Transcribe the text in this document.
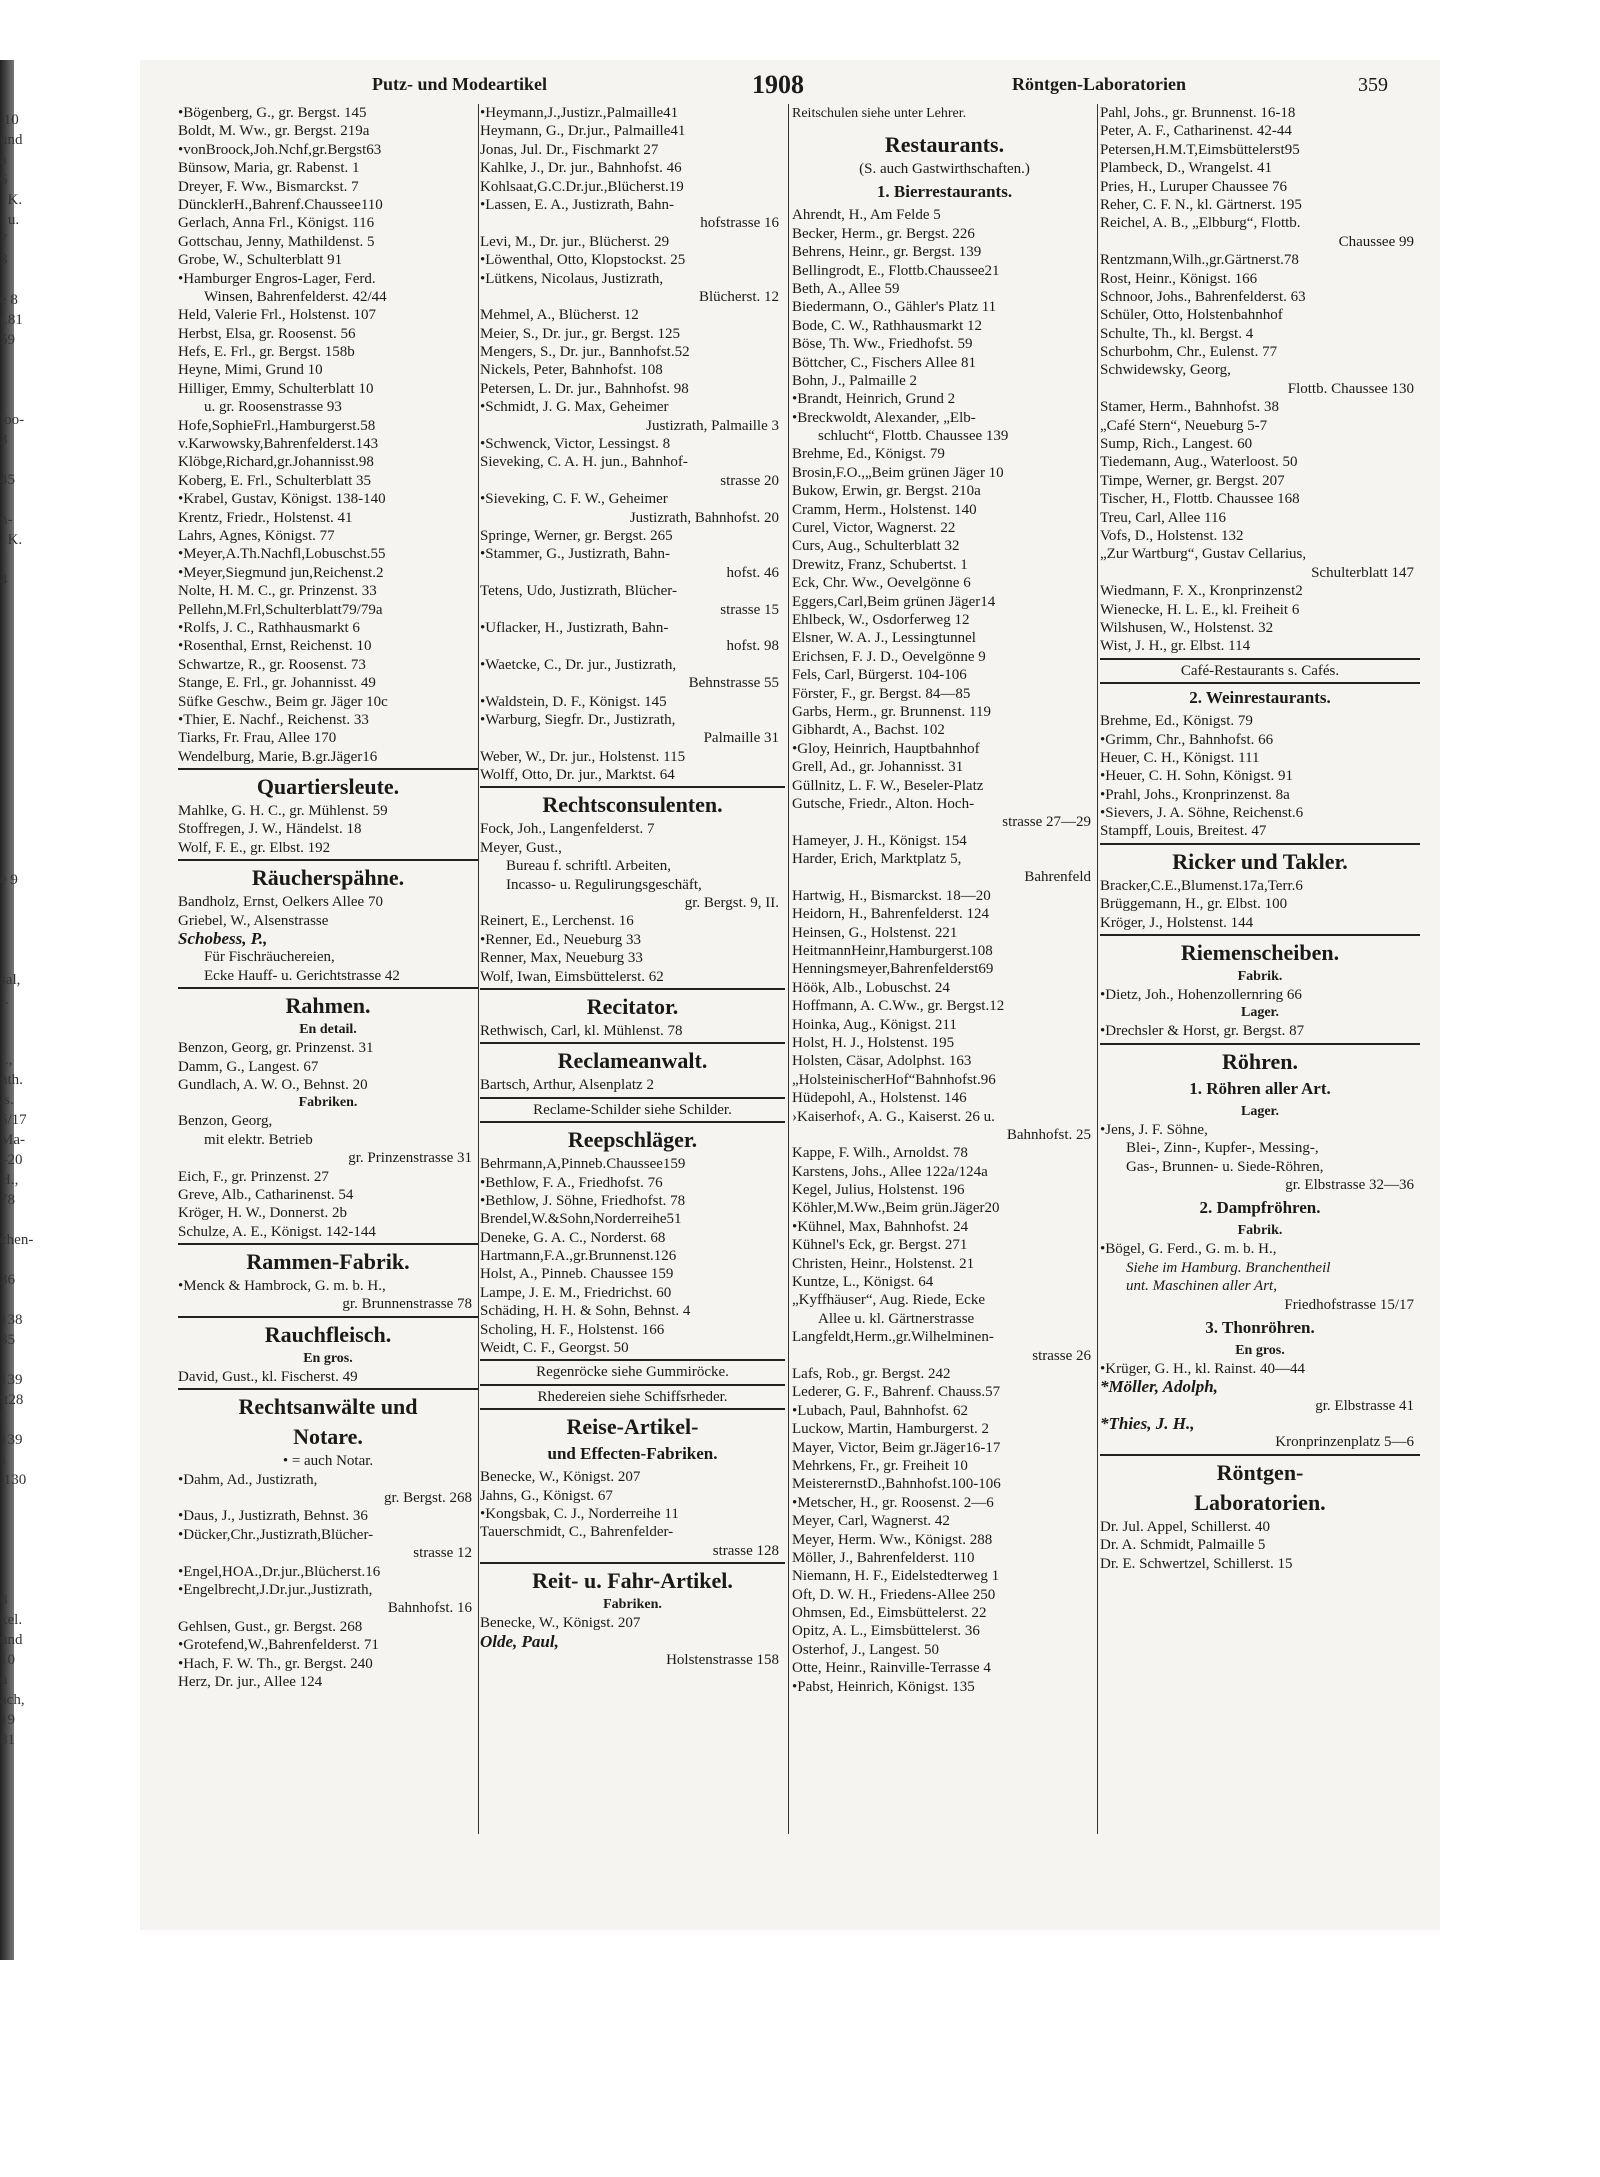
.10
und
a
6
, K.
l u.
7
3
e 8
t.81
59
loo-
3
45
n-
, K.
4
e 9
sal,
I.
I.,
nth.
/s.
5/17
Ma-
–20
H.,
78
chen-
36
138
35
139
tt28
l
139
1
.130
8
kel.
und
10
u
ach,
19
81
Putz- und Modeartikel	1908	Röntgen-Laboratorien	359
Reitschulen siehe unter Lehrer.
•Bögenberg, G., gr. Bergst. 145
Boldt, M. Ww., gr. Bergst. 219a
•vonBroock,Joh.Nchf,gr.Bergst63
Bünsow, Maria, gr. Rabenst. 1
Dreyer, F. Ww., Bismarckst. 7
DüncklerH.,Bahrenf.Chaussee110
Gerlach, Anna Frl., Königst. 116
Gottschau, Jenny, Mathildenst. 5
Grobe, W., Schulterblatt 91
•Hamburger Engros-Lager, Ferd.
Winsen, Bahrenfelderst. 42/44
Held, Valerie Frl., Holstenst. 107
Herbst, Elsa, gr. Roosenst. 56
Hefs, E. Frl., gr. Bergst. 158b
Heyne, Mimi, Grund 10
Hilliger, Emmy, Schulterblatt 10
u. gr. Roosenstrasse 93
Hofe,SophieFrl.,Hamburgerst.58
v.Karwowsky,Bahrenfelderst.143
Klöbge,Richard,gr.Johannisst.98
Koberg, E. Frl., Schulterblatt 35
•Krabel, Gustav, Königst. 138-140
Krentz, Friedr., Holstenst. 41
Lahrs, Agnes, Königst. 77
•Meyer,A.Th.Nachfl,Lobuschst.55
•Meyer,Siegmund jun,Reichenst.2
Nolte, H. M. C., gr. Prinzenst. 33
Pellehn,M.Frl,Schulterblatt79/79a
•Rolfs, J. C., Rathhausmarkt 6
•Rosenthal, Ernst, Reichenst. 10
Schwartze, R., gr. Roosenst. 73
Stange, E. Frl., gr. Johannisst. 49
Süfke Geschw., Beim gr. Jäger 10c
•Thier, E. Nachf., Reichenst. 33
Tiarks, Fr. Frau, Allee 170
Wendelburg, Marie, B.gr.Jäger16
Quartiersleute.
Mahlke, G. H. C., gr. Mühlenst. 59
Stoffregen, J. W., Händelst. 18
Wolf, F. E., gr. Elbst. 192
Räucherspähne.
Bandholz, Ernst, Oelkers Allee 70
Griebel, W., Alsenstrasse
Schobess, P.,
Für Fischräuchereien,
Ecke Hauff- u. Gerichtstrasse 42
Rahmen.
En detail.
Benzon, Georg, gr. Prinzenst. 31
Damm, G., Langest. 67
Gundlach, A. W. O., Behnst. 20
Fabriken.
Benzon, Georg,
mit elektr. Betrieb
gr. Prinzenstrasse 31
Eich, F., gr. Prinzenst. 27
Greve, Alb., Catharinenst. 54
Kröger, H. W., Donnerst. 2b
Schulze, A. E., Königst. 142-144
Rammen-Fabrik.
•Menck & Hambrock, G. m. b. H.,
gr. Brunnenstrasse 78
Rauchfleisch.
En gros.
David, Gust., kl. Fischerst. 49
Rechtsanwälte und
Notare.
• = auch Notar.
•Dahm, Ad., Justizrath,
gr. Bergst. 268
•Daus, J., Justizrath, Behnst. 36
•Dücker,Chr.,Justizrath,Blücher-
strasse 12
•Engel,HOA.,Dr.jur.,Blücherst.16
•Engelbrecht,J.Dr.jur.,Justizrath,
Bahnhofst. 16
Gehlsen, Gust., gr. Bergst. 268
•Grotefend,W.,Bahrenfelderst. 71
•Hach, F. W. Th., gr. Bergst. 240
Herz, Dr. jur., Allee 124
•Heymann,J.,Justizr.,Palmaille41
Heymann, G., Dr.jur., Palmaille41
Jonas, Jul. Dr., Fischmarkt 27
Kahlke, J., Dr. jur., Bahnhofst. 46
Kohlsaat,G.C.Dr.jur.,Blücherst.19
•Lassen, E. A., Justizrath, Bahn-
hofstrasse 16
Levi, M., Dr. jur., Blücherst. 29
•Löwenthal, Otto, Klopstockst. 25
•Lütkens, Nicolaus, Justizrath,
Blücherst. 12
Mehmel, A., Blücherst. 12
Meier, S., Dr. jur., gr. Bergst. 125
Mengers, S., Dr. jur., Bannhofst.52
Nickels, Peter, Bahnhofst. 108
Petersen, L. Dr. jur., Bahnhofst. 98
•Schmidt, J. G. Max, Geheimer
Justizrath, Palmaille 3
•Schwenck, Victor, Lessingst. 8
Sieveking, C. A. H. jun., Bahnhof-
strasse 20
•Sieveking, C. F. W., Geheimer
Justizrath, Bahnhofst. 20
Springe, Werner, gr. Bergst. 265
•Stammer, G., Justizrath, Bahn-
hofst. 46
Tetens, Udo, Justizrath, Blücher-
strasse 15
•Uflacker, H., Justizrath, Bahn-
hofst. 98
•Waetcke, C., Dr. jur., Justizrath,
Behnstrasse 55
•Waldstein, D. F., Königst. 145
•Warburg, Siegfr. Dr., Justizrath,
Palmaille 31
Weber, W., Dr. jur., Holstenst. 115
Wolff, Otto, Dr. jur., Marktst. 64
Rechtsconsulenten.
Fock, Joh., Langenfelderst. 7
Meyer, Gust.,
Bureau f. schriftl. Arbeiten,
Incasso- u. Regulirungsgeschäft,
gr. Bergst. 9, II.
Reinert, E., Lerchenst. 16
•Renner, Ed., Neueburg 33
Renner, Max, Neueburg 33
Wolf, Iwan, Eimsbüttelerst. 62
Recitator.
Rethwisch, Carl, kl. Mühlenst. 78
Reclameanwalt.
Bartsch, Arthur, Alsenplatz 2
Reclame-Schilder siehe Schilder.
Reepschläger.
Behrmann,A,Pinneb.Chaussee159
•Bethlow, F. A., Friedhofst. 76
•Bethlow, J. Söhne, Friedhofst. 78
Brendel,W.&Sohn,Norderreihe51
Deneke, G. A. C., Norderst. 68
Hartmann,F.A.,gr.Brunnenst.126
Holst, A., Pinneb. Chaussee 159
Lampe, J. E. M., Friedrichst. 60
Schäding, H. H. & Sohn, Behnst. 4
Scholing, H. F., Holstenst. 166
Weidt, C. F., Georgst. 50
Regenröcke siehe Gummiröcke.
Rhedereien siehe Schiffsrheder.
Reise-Artikel-
und Effecten-Fabriken.
Benecke, W., Königst. 207
Jahns, G., Königst. 67
•Kongsbak, C. J., Norderreihe 11
Tauerschmidt, C., Bahrenfelder-
strasse 128
Reit- u. Fahr-Artikel.
Fabriken.
Benecke, W., Königst. 207
Olde, Paul,
Holstenstrasse 158
Restaurants.
(S. auch Gastwirthschaften.)
1. Bierrestaurants.
Ahrendt, H., Am Felde 5
Becker, Herm., gr. Bergst. 226
Behrens, Heinr., gr. Bergst. 139
Bellingrodt, E., Flottb.Chaussee21
Beth, A., Allee 59
Biedermann, O., Gähler's Platz 11
Bode, C. W., Rathhausmarkt 12
Böse, Th. Ww., Friedhofst. 59
Böttcher, C., Fischers Allee 81
Bohn, J., Palmaille 2
•Brandt, Heinrich, Grund 2
•Breckwoldt, Alexander, „Elb-
schlucht“, Flottb. Chaussee 139
Brehme, Ed., Königst. 79
Brosin,F.O.,„Beim grünen Jäger 10
Bukow, Erwin, gr. Bergst. 210a
Cramm, Herm., Holstenst. 140
Curel, Victor, Wagnerst. 22
Curs, Aug., Schulterblatt 32
Drewitz, Franz, Schubertst. 1
Eck, Chr. Ww., Oevelgönne 6
Eggers,Carl,Beim grünen Jäger14
Ehlbeck, W., Osdorferweg 12
Elsner, W. A. J., Lessingtunnel
Erichsen, F. J. D., Oevelgönne 9
Fels, Carl, Bürgerst. 104-106
Förster, F., gr. Bergst. 84—85
Garbs, Herm., gr. Brunnenst. 119
Gibhardt, A., Bachst. 102
•Gloy, Heinrich, Hauptbahnhof
Grell, Ad., gr. Johannisst. 31
Güllnitz, L. F. W., Beseler-Platz
Gutsche, Friedr., Alton. Hoch-
strasse 27—29
Hameyer, J. H., Königst. 154
Harder, Erich, Marktplatz 5,
Bahrenfeld
Hartwig, H., Bismarckst. 18—20
Heidorn, H., Bahrenfelderst. 124
Heinsen, G., Holstenst. 221
HeitmannHeinr,Hamburgerst.108
Henningsmeyer,Bahrenfelderst69
Höök, Alb., Lobuschst. 24
Hoffmann, A. C.Ww., gr. Bergst.12
Hoinka, Aug., Königst. 211
Holst, H. J., Holstenst. 195
Holsten, Cäsar, Adolphst. 163
„HolsteinischerHof“Bahnhofst.96
Hüdepohl, A., Holstenst. 146
›Kaiserhof‹, A. G., Kaiserst. 26 u.
Bahnhofst. 25
Kappe, F. Wilh., Arnoldst. 78
Karstens, Johs., Allee 122a/124a
Kegel, Julius, Holstenst. 196
Köhler,M.Ww.,Beim grün.Jäger20
•Kühnel, Max, Bahnhofst. 24
Kühnel's Eck, gr. Bergst. 271
Christen, Heinr., Holstenst. 21
Kuntze, L., Königst. 64
„Kyffhäuser“, Aug. Riede, Ecke
Allee u. kl. Gärtnerstrasse
Langfeldt,Herm.,gr.Wilhelminen-
strasse 26
Lafs, Rob., gr. Bergst. 242
Lederer, G. F., Bahrenf. Chauss.57
•Lubach, Paul, Bahnhofst. 62
Luckow, Martin, Hamburgerst. 2
Mayer, Victor, Beim gr.Jäger16-17
Mehrkens, Fr., gr. Freiheit 10
MeisterernstD.,Bahnhofst.100-106
•Metscher, H., gr. Roosenst. 2—6
Meyer, Carl, Wagnerst. 42
Meyer, Herm. Ww., Königst. 288
Möller, J., Bahrenfelderst. 110
Niemann, H. F., Eidelstedterweg 1
Oft, D. W. H., Friedens-Allee 250
Ohmsen, Ed., Eimsbüttelerst. 22
Opitz, A. L., Eimsbüttelerst. 36
Osterhof, J., Langest. 50
Otte, Heinr., Rainville-Terrasse 4
•Pabst, Heinrich, Königst. 135
Pahl, Johs., gr. Brunnenst. 16-18
Peter, A. F., Catharinenst. 42-44
Petersen,H.M.T,Eimsbüttelerst95
Plambeck, D., Wrangelst. 41
Pries, H., Luruper Chaussee 76
Reher, C. F. N., kl. Gärtnerst. 195
Reichel, A. B., „Elbburg“, Flottb.
Chaussee 99
Rentzmann,Wilh.,gr.Gärtnerst.78
Rost, Heinr., Königst. 166
Schnoor, Johs., Bahrenfelderst. 63
Schüler, Otto, Holstenbahnhof
Schulte, Th., kl. Bergst. 4
Schurbohm, Chr., Eulenst. 77
Schwidewsky, Georg,
Flottb. Chaussee 130
Stamer, Herm., Bahnhofst. 38
„Café Stern“, Neueburg 5-7
Sump, Rich., Langest. 60
Tiedemann, Aug., Waterloost. 50
Timpe, Werner, gr. Bergst. 207
Tischer, H., Flottb. Chaussee 168
Treu, Carl, Allee 116
Vofs, D., Holstenst. 132
„Zur Wartburg“, Gustav Cellarius,
Schulterblatt 147
Wiedmann, F. X., Kronprinzenst2
Wienecke, H. L. E., kl. Freiheit 6
Wilshusen, W., Holstenst. 32
Wist, J. H., gr. Elbst. 114
Café-Restaurants s. Cafés.
2. Weinrestaurants.
Brehme, Ed., Königst. 79
•Grimm, Chr., Bahnhofst. 66
Heuer, C. H., Königst. 111
•Heuer, C. H. Sohn, Königst. 91
•Prahl, Johs., Kronprinzenst. 8a
•Sievers, J. A. Söhne, Reichenst.6
Stampff, Louis, Breitest. 47
Ricker und Takler.
Bracker,C.E.,Blumenst.17a,Terr.6
Brüggemann, H., gr. Elbst. 100
Kröger, J., Holstenst. 144
Riemenscheiben.
Fabrik.
•Dietz, Joh., Hohenzollernring 66
Lager.
•Drechsler & Horst, gr. Bergst. 87
Röhren.
1. Röhren aller Art.
Lager.
•Jens, J. F. Söhne,
Blei-, Zinn-, Kupfer-, Messing-,
Gas-, Brunnen- u. Siede-Röhren,
gr. Elbstrasse 32—36
2. Dampfröhren.
Fabrik.
•Bögel, G. Ferd., G. m. b. H.,
Siehe im Hamburg. Branchentheil
unt. Maschinen aller Art,
Friedhofstrasse 15/17
3. Thonröhren.
En gros.
•Krüger, G. H., kl. Rainst. 40—44
*Möller, Adolph,
gr. Elbstrasse 41
*Thies, J. H.,
Kronprinzenplatz 5—6
Röntgen-
Laboratorien.
Dr. Jul. Appel, Schillerst. 40
Dr. A. Schmidt, Palmaille 5
Dr. E. Schwertzel, Schillerst. 15
